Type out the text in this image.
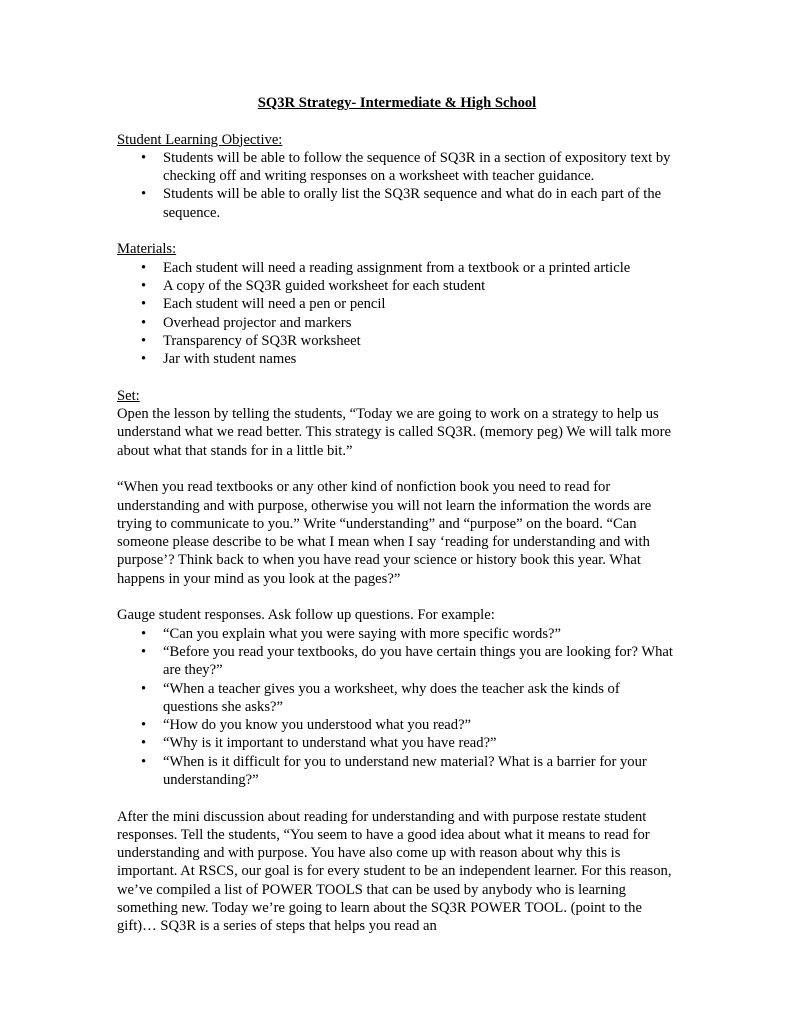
SQ3R Strategy- Intermediate & High School

Student Learning Objective:

• Students will be able to follow the sequence of SQ3R in a section of expository text by checking off and writing responses on a worksheet with teacher guidance.
• Students will be able to orally list the SQ3R sequence and what do in each part of the sequence.

Materials:

• Each student will need a reading assignment from a textbook or a printed article
• A copy of the SQ3R guided worksheet for each student
• Each student will need a pen or pencil
• Overhead projector and markers
• Transparency of SQ3R worksheet
• Jar with student names

Set:

Open the lesson by telling the students, “Today we are going to work on a strategy to help us understand what we read better. This strategy is called SQ3R. (memory peg) We will talk more about what that stands for in a little bit.”

“When you read textbooks or any other kind of nonfiction book you need to read for understanding and with purpose, otherwise you will not learn the information the words are trying to communicate to you.” Write “understanding” and “purpose” on the board. “Can someone please describe to be what I mean when I say ‘reading for understanding and with purpose’? Think back to when you have read your science or history book this year. What happens in your mind as you look at the pages?”

Gauge student responses. Ask follow up questions. For example:

• “Can you explain what you were saying with more specific words?”
• “Before you read your textbooks, do you have certain things you are looking for? What are they?”
• “When a teacher gives you a worksheet, why does the teacher ask the kinds of questions she asks?”
• “How do you know you understood what you read?”
• “Why is it important to understand what you have read?”
• “When is it difficult for you to understand new material? What is a barrier for your understanding?”

After the mini discussion about reading for understanding and with purpose restate student responses. Tell the students, “You seem to have a good idea about what it means to read for understanding and with purpose. You have also come up with reason about why this is important. At RSCS, our goal is for every student to be an independent learner. For this reason, we’ve compiled a list of POWER TOOLS that can be used by anybody who is learning something new. Today we’re going to learn about the SQ3R POWER TOOL. (point to the gift)… SQ3R is a series of steps that helps you read an
